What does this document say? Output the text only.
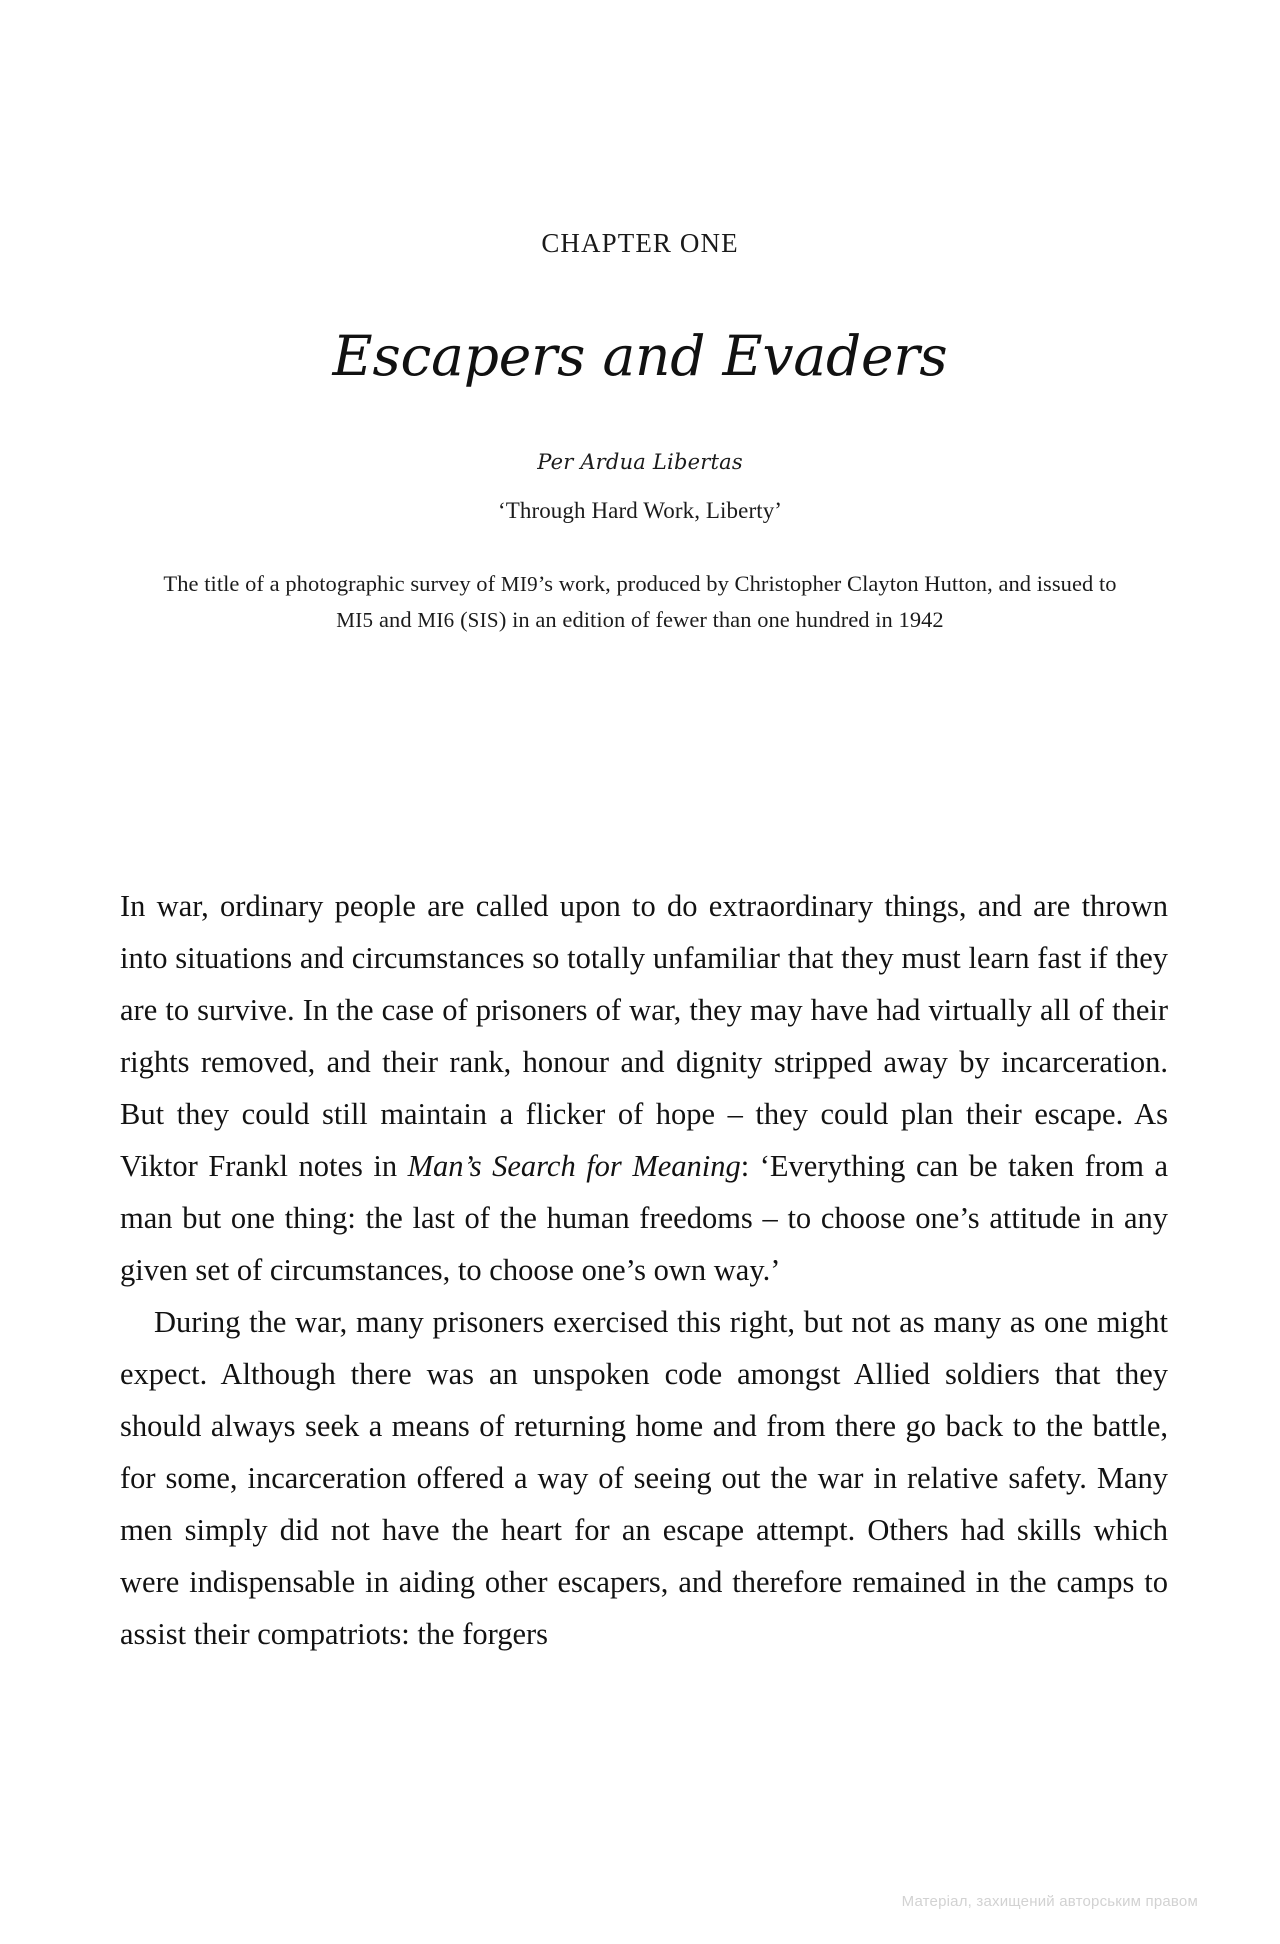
CHAPTER ONE
Escapers and Evaders
Per Ardua Libertas
‘Through Hard Work, Liberty’
The title of a photographic survey of MI9’s work, produced by Christopher Clayton Hutton, and issued to MI5 and MI6 (SIS) in an edition of fewer than one hundred in 1942

In war, ordinary people are called upon to do extraordinary things, and are thrown into situations and circumstances so totally unfamiliar that they must learn fast if they are to survive. In the case of prisoners of war, they may have had virtually all of their rights removed, and their rank, honour and dignity stripped away by incarceration. But they could still maintain a flicker of hope – they could plan their escape. As Viktor Frankl notes in Man’s Search for Meaning: ‘Everything can be taken from a man but one thing: the last of the human freedoms – to choose one’s attitude in any given set of circumstances, to choose one’s own way.’

During the war, many prisoners exercised this right, but not as many as one might expect. Although there was an unspoken code amongst Allied soldiers that they should always seek a means of returning home and from there go back to the battle, for some, incarceration offered a way of seeing out the war in relative safety. Many men simply did not have the heart for an escape attempt. Others had skills which were indispensable in aiding other escapers, and therefore remained in the camps to assist their compatriots: the forgers

Матеріал, захищений авторським правом
